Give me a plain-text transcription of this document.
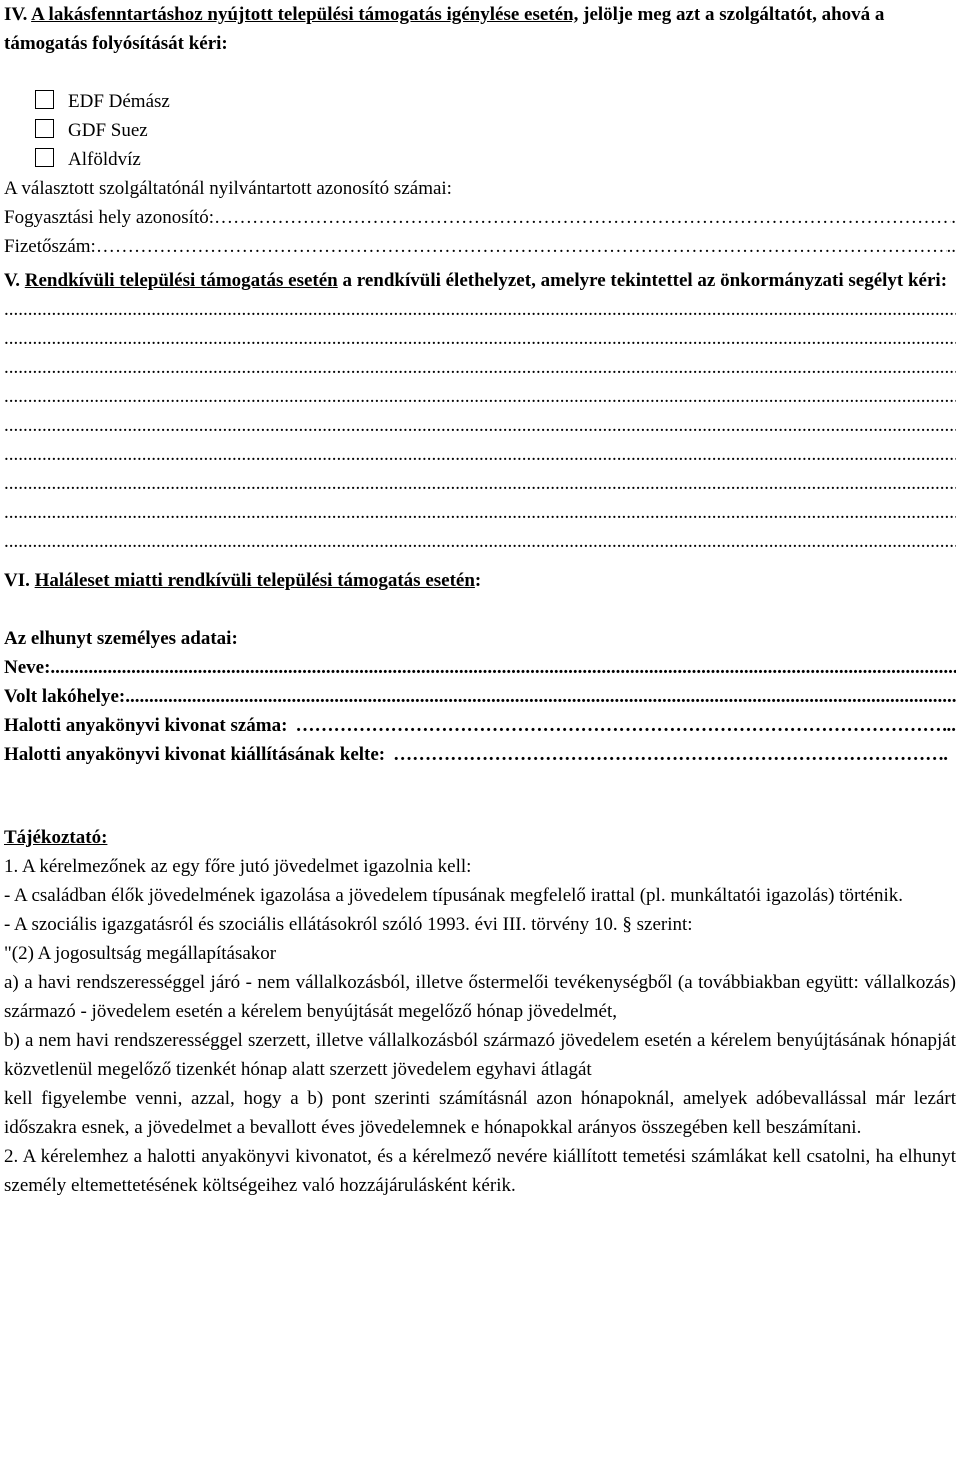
IV. A lakásfenntartáshoz nyújtott települési támogatás igénylése esetén, jelölje meg azt a szolgáltatót, ahová a támogatás folyósítását kéri:

EDF Démász

GDF Suez

Alföldvíz

A választott szolgáltatónál nyilvántartott azonosító számai:

Fogyasztási hely azonosító: ………………………………………………………………………………………………………………………………………………………………	.
Fizetőszám: ………………………………………………………………………………………………………………………………………………………………	..

V. Rendkívüli települési támogatás esetén a rendkívüli élethelyzet, amelyre tekintettel az önkormányzati segélyt kéri:

.....
.....
.....
.....
.....
.....
.....
.....
.....

VI. Haláleset miatti rendkívüli települési támogatás esetén:

Az elhunyt személyes adatai:

Neve:
.....
Volt lakóhelye:
.....
Halotti anyakönyvi kivonat száma: ………………………………………………………………………………………………………………………………………………………………	..
Halotti anyakönyvi kivonat kiállításának kelte: ………………………………………………………………………………………………………………………………………………………………	.

Tájékoztató:

1. A kérelmezőnek az egy főre jutó jövedelmet igazolnia kell:

- A családban élők jövedelmének igazolása a jövedelem típusának megfelelő irattal (pl. munkáltatói igazolás) történik.

- A szociális igazgatásról és szociális ellátásokról szóló 1993. évi III. törvény 10. § szerint:

"(2) A jogosultság megállapításakor

a) a havi rendszerességgel járó - nem vállalkozásból, illetve őstermelői tevékenységből (a továbbiakban együtt: vállalkozás) származó - jövedelem esetén a kérelem benyújtását megelőző hónap jövedelmét,

b) a nem havi rendszerességgel szerzett, illetve vállalkozásból származó jövedelem esetén a kérelem benyújtásának hónapját közvetlenül megelőző tizenkét hónap alatt szerzett jövedelem egyhavi átlagát

kell figyelembe venni, azzal, hogy a b) pont szerinti számításnál azon hónapoknál, amelyek adóbevallással már lezárt időszakra esnek, a jövedelmet a bevallott éves jövedelemnek e hónapokkal arányos összegében kell beszámítani.

2. A kérelemhez a halotti anyakönyvi kivonatot, és a kérelmező nevére kiállított temetési számlákat kell csatolni, ha elhunyt személy eltemettetésének költségeihez való hozzájárulásként kérik.
